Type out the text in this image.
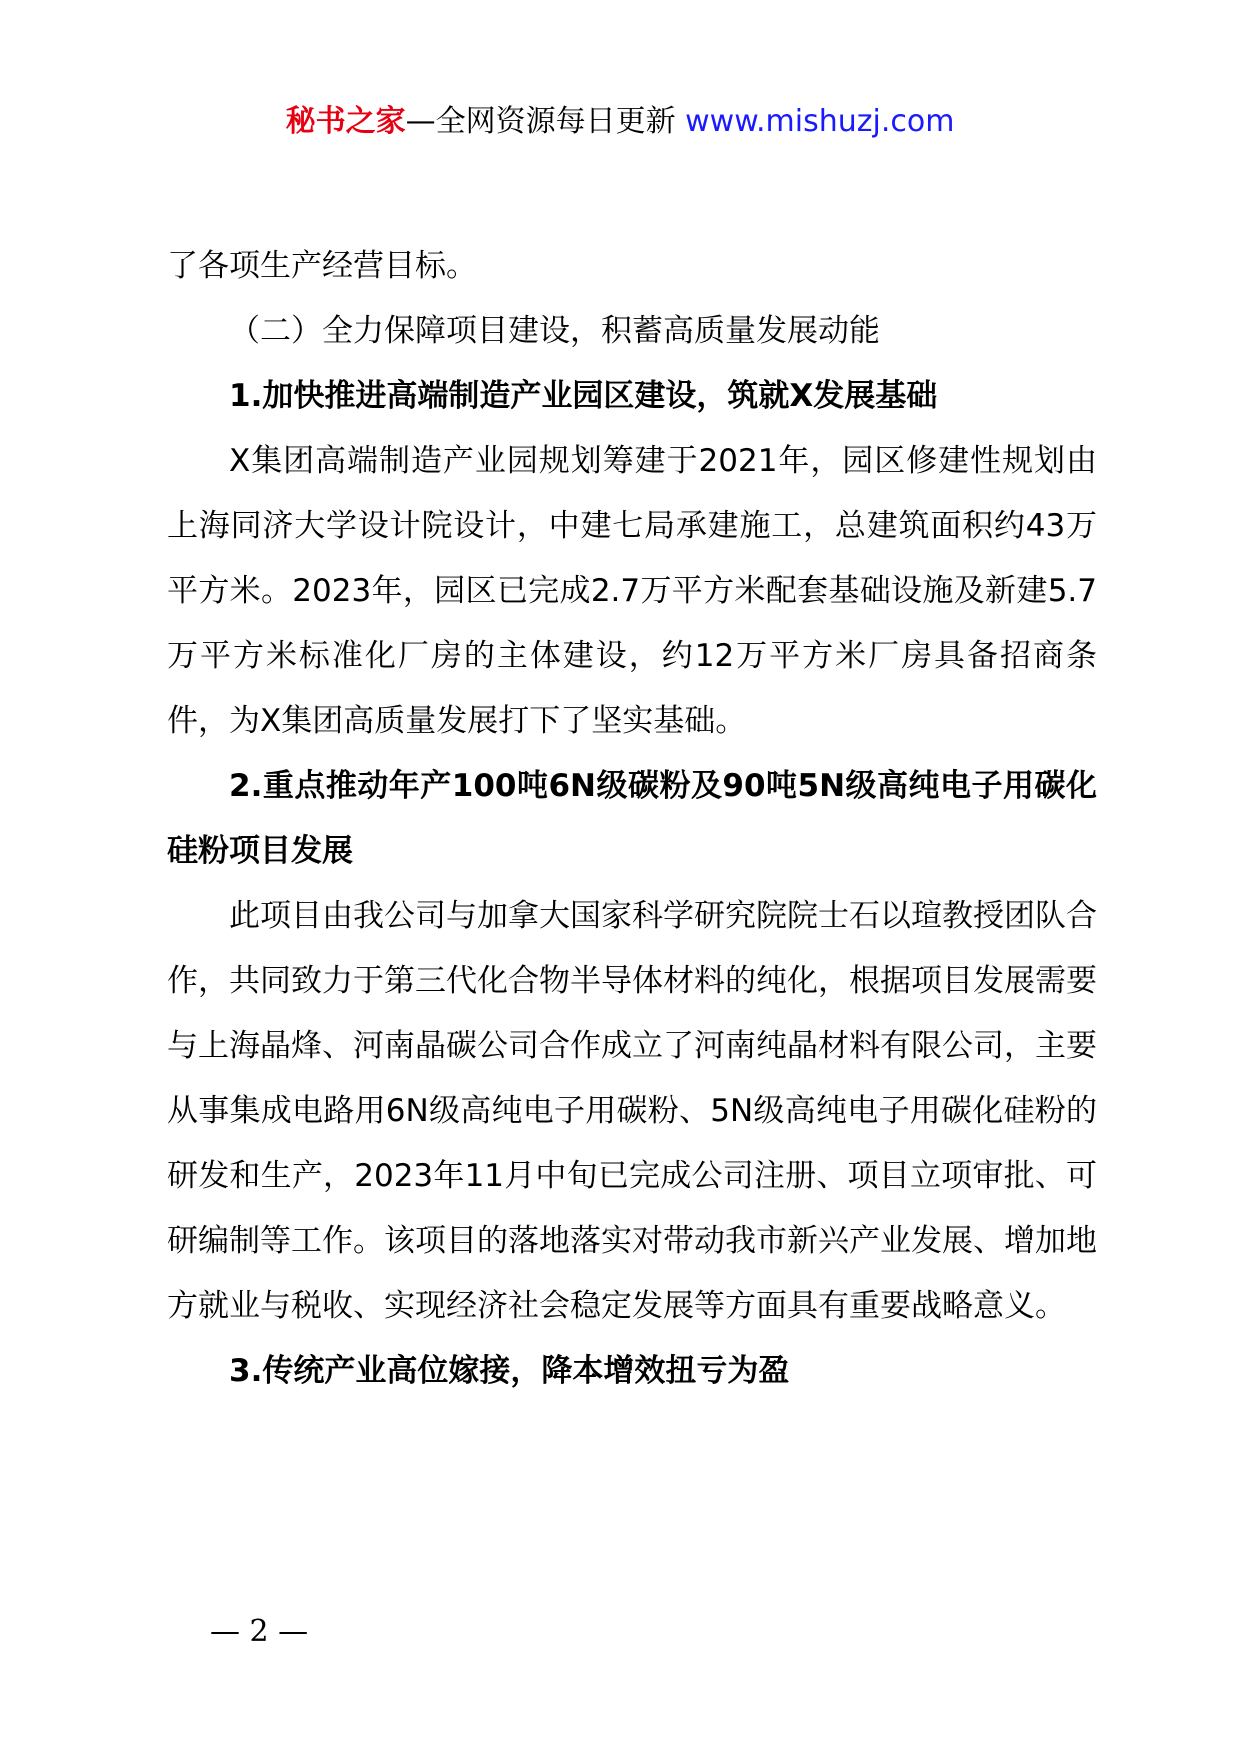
秘书之家—全网资源每日更新 www.mishuzj.com

了各项生产经营目标。

（二）全力保障项目建设，积蓄高质量发展动能

1.加快推进高端制造产业园区建设，筑就X发展基础

X集团高端制造产业园规划筹建于2021年，园区修建性规划由上海同济大学设计院设计，中建七局承建施工，总建筑面积约43万平方米。2023年，园区已完成2.7万平方米配套基础设施及新建5.7万平方米标准化厂房的主体建设，约12万平方米厂房具备招商条件，为X集团高质量发展打下了坚实基础。

2.重点推动年产100吨6N级碳粉及90吨5N级高纯电子用碳化硅粉项目发展

此项目由我公司与加拿大国家科学研究院院士石以瑄教授团队合作，共同致力于第三代化合物半导体材料的纯化，根据项目发展需要与上海晶烽、河南晶碳公司合作成立了河南纯晶材料有限公司，主要从事集成电路用6N级高纯电子用碳粉、5N级高纯电子用碳化硅粉的研发和生产，2023年11月中旬已完成公司注册、项目立项审批、可研编制等工作。该项目的落地落实对带动我市新兴产业发展、增加地方就业与税收、实现经济社会稳定发展等方面具有重要战略意义。

3.传统产业高位嫁接，降本增效扭亏为盈

— 2 —
